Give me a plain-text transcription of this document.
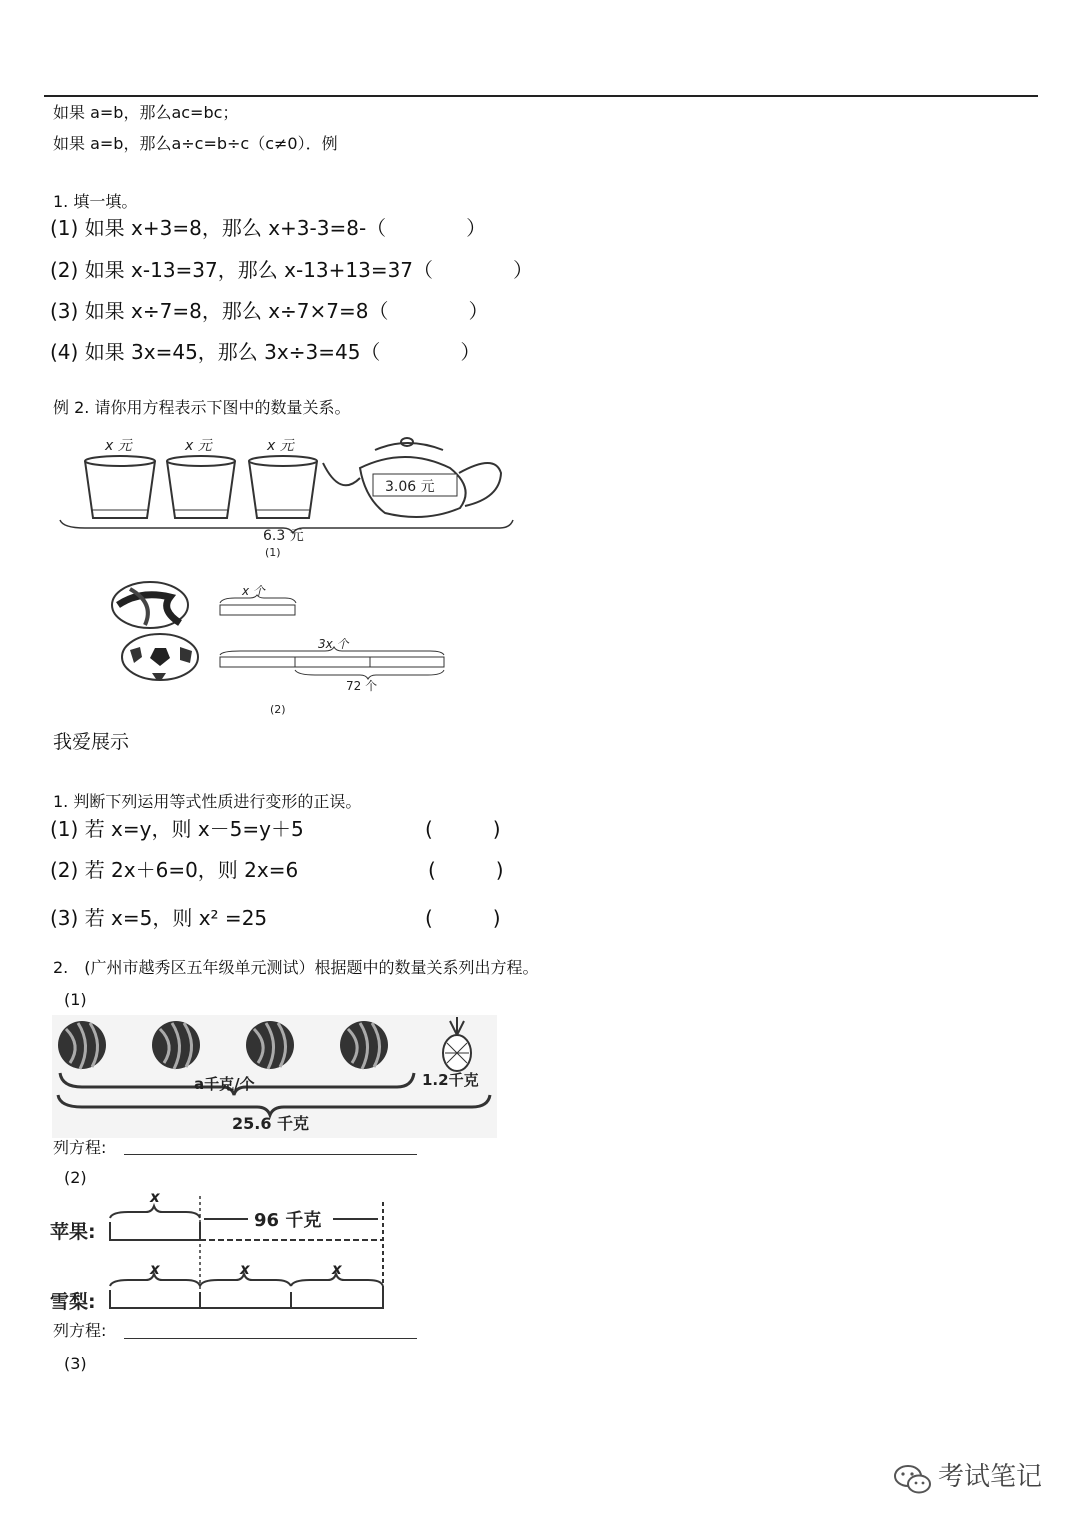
如果 a=b，那么ac=bc；
如果 a=b，那么a÷c=b÷c（c≠0）．例
1. 填一填。
(1) 如果 x+3=8，那么 x+3-3=8-（　　　　）
(2) 如果 x-13=37，那么 x-13+13=37（　　　　）
(3) 如果 x÷7=8，那么 x÷7×7=8（　　　　）
(4) 如果 3x=45，那么 3x÷3=45（　　　　）
例 2. 请你用方程表示下图中的数量关系。
x 元	x 元	x 元
3.06 元
6.3 元
(1)
x 个
3x 个
72 个
(2)
我爱展示
1. 判断下列运用等式性质进行变形的正误。
(1) 若 x=y，则 x－5=y＋5	(　　　)
(2) 若 2x＋6=0，则 2x=6	(　　　)
(3) 若 x=5，则 x² =25	(　　　)
2.　(广州市越秀区五年级单元测试）根据题中的数量关系列出方程。
(1)
a千克/个	1.2千克
25.6 千克
列方程:
(2)
苹果:
x
96 千克
雪梨:
x	x	x
列方程:
(3)
考试笔记
